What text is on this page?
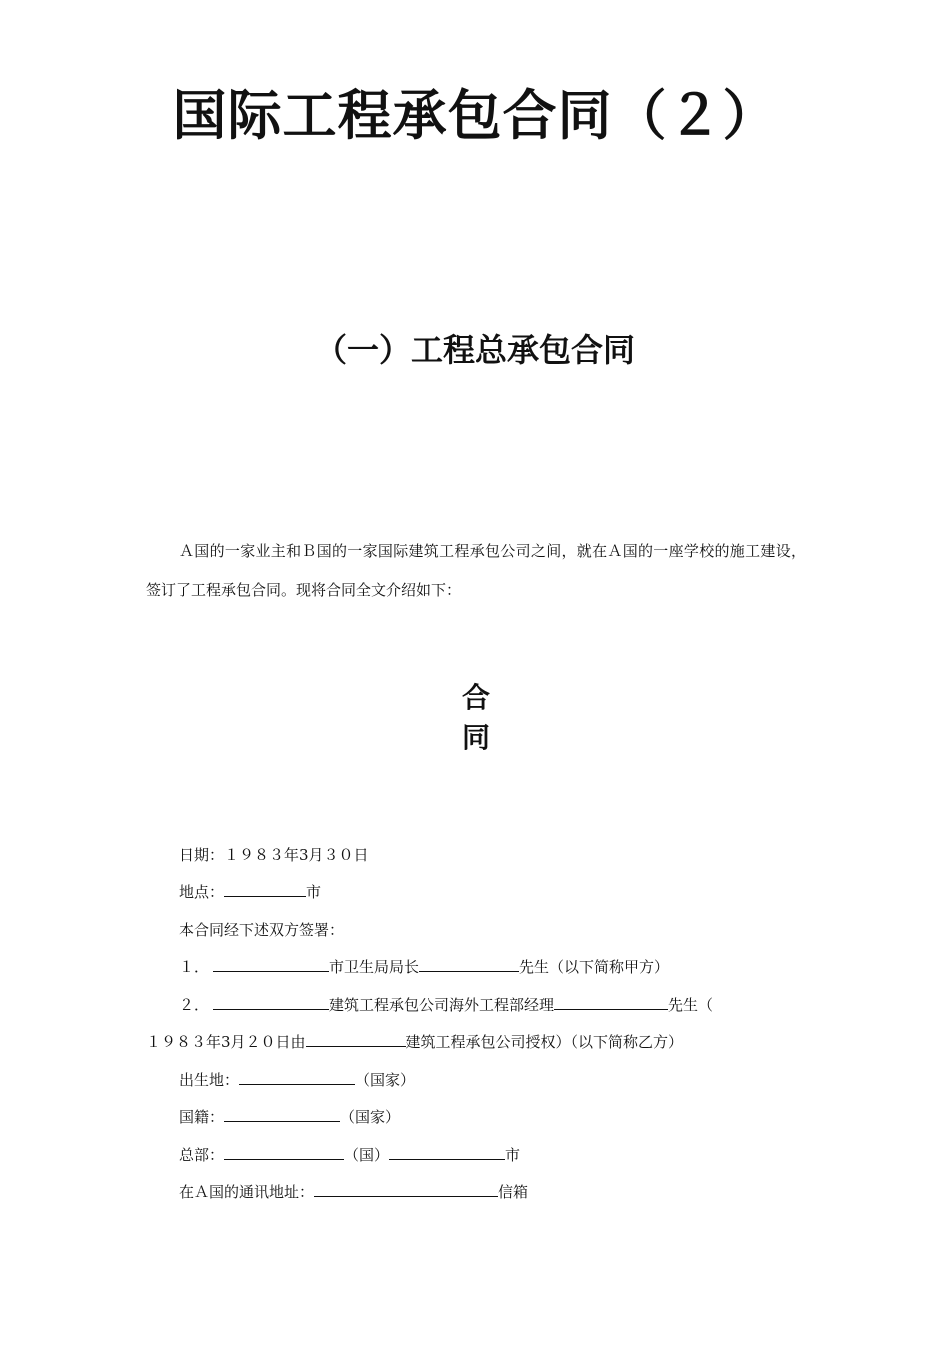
国际工程承包合同（２）
（一）工程总承包合同
Ａ国的一家业主和Ｂ国的一家国际建筑工程承包公司之间，就在Ａ国的一座学校的施工建设，签订了工程承包合同。现将合同全文介绍如下：
合同
日期：１９８３年3月３０日
地点：	市
本合同经下述双方签署：
１．	市卫生局局长	先生（以下简称甲方）
２．	建筑工程承包公司海外工程部经理	先生（
１９８３年3月２０日由	建筑工程承包公司授权）（以下简称乙方）
出生地：	（国家）
国籍：	（国家）
总部：	（国）	市
在Ａ国的通讯地址：	信箱
